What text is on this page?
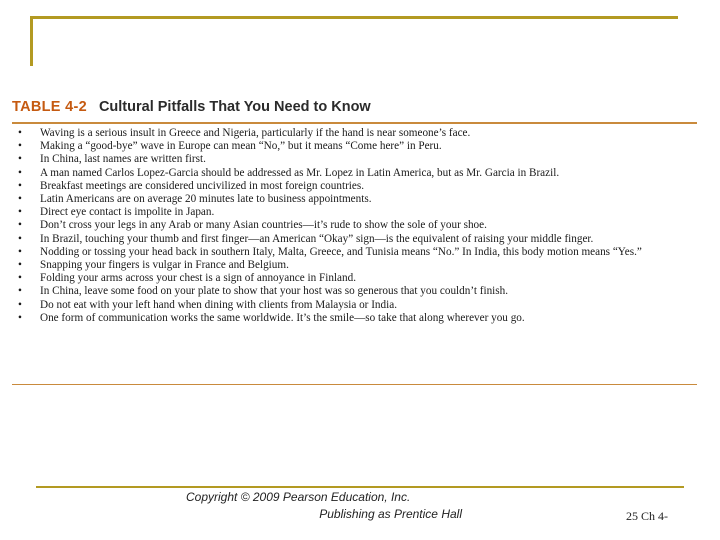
TABLE 4-2 Cultural Pitfalls That You Need to Know
• Waving is a serious insult in Greece and Nigeria, particularly if the hand is near someone’s face.
• Making a “good-bye” wave in Europe can mean “No,” but it means “Come here” in Peru.
• In China, last names are written first.
• A man named Carlos Lopez-Garcia should be addressed as Mr. Lopez in Latin America, but as Mr. Garcia in Brazil.
• Breakfast meetings are considered uncivilized in most foreign countries.
• Latin Americans are on average 20 minutes late to business appointments.
• Direct eye contact is impolite in Japan.
• Don’t cross your legs in any Arab or many Asian countries—it’s rude to show the sole of your shoe.
• In Brazil, touching your thumb and first finger—an American “Okay” sign—is the equivalent of raising your middle finger.
• Nodding or tossing your head back in southern Italy, Malta, Greece, and Tunisia means “No.” In India, this body motion means “Yes.”
• Snapping your fingers is vulgar in France and Belgium.
• Folding your arms across your chest is a sign of annoyance in Finland.
• In China, leave some food on your plate to show that your host was so generous that you couldn’t finish.
• Do not eat with your left hand when dining with clients from Malaysia or India.
• One form of communication works the same worldwide. It’s the smile—so take that along wherever you go.
Copyright © 2009 Pearson Education, Inc.
Publishing as Prentice Hall	25 Ch 4-
